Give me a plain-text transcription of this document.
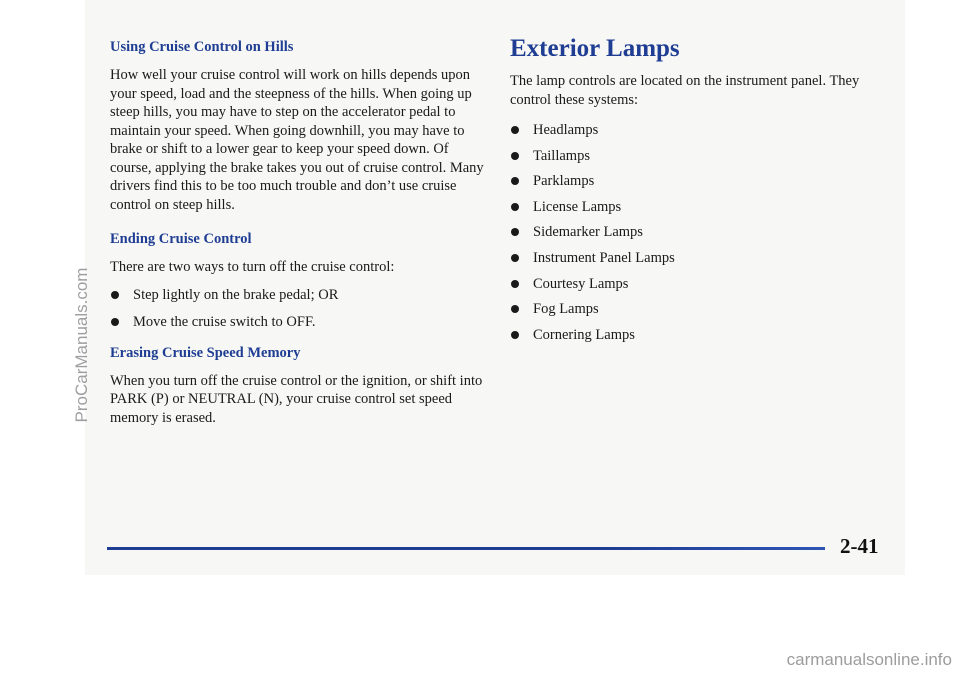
Using Cruise Control on Hills

How well your cruise control will work on hills depends upon your speed, load and the steepness of the hills. When going up steep hills, you may have to step on the accelerator pedal to maintain your speed. When going downhill, you may have to brake or shift to a lower gear to keep your speed down. Of course, applying the brake takes you out of cruise control. Many drivers find this to be too much trouble and don’t use cruise control on steep hills.

Ending Cruise Control

There are two ways to turn off the cruise control:

Step lightly on the brake pedal; OR
Move the cruise switch to OFF.
Erasing Cruise Speed Memory

When you turn off the cruise control or the ignition, or shift into PARK (P) or NEUTRAL (N), your cruise control set speed memory is erased.

Exterior Lamps

The lamp controls are located on the instrument panel. They control these systems:

Headlamps
Taillamps
Parklamps
License Lamps
Sidemarker Lamps
Instrument Panel Lamps
Courtesy Lamps
Fog Lamps
Cornering Lamps
2-41
ProCarManuals.com
carmanualsonline.info
